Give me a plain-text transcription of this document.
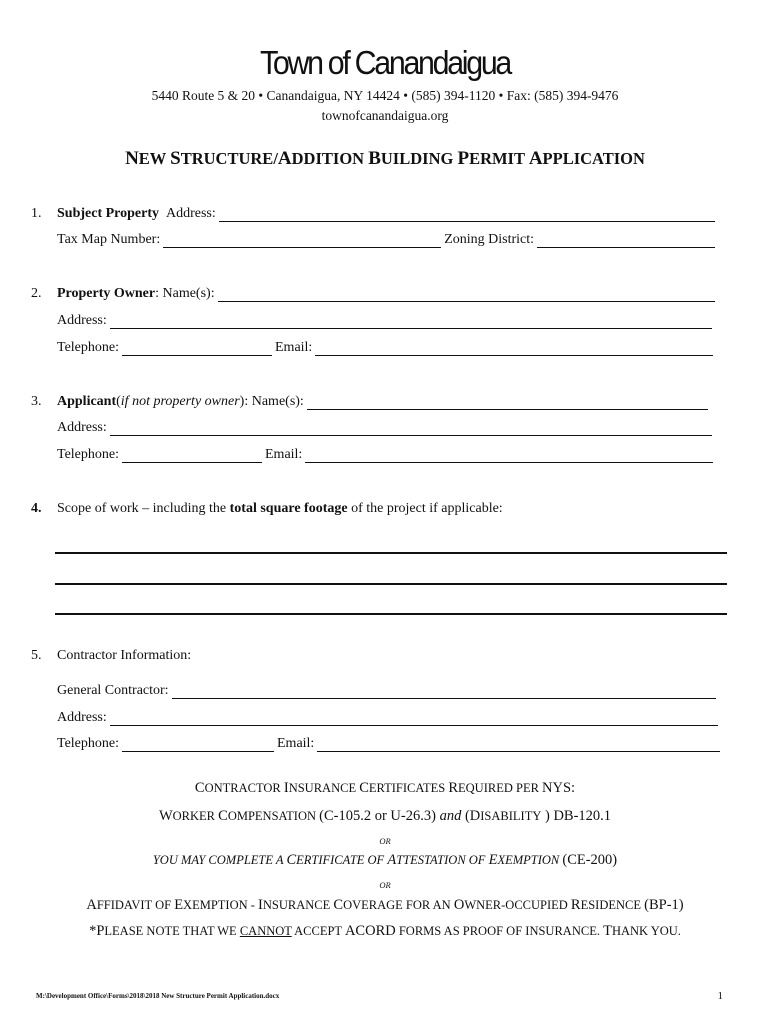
Town of Canandaigua
5440 Route 5 & 20 • Canandaigua, NY 14424 • (585) 394-1120 • Fax: (585) 394-9476
townofcanandaigua.org
NEW STRUCTURE/ADDITION BUILDING PERMIT APPLICATION
1.	Subject Property
Address:
Tax Map Number:	Zoning District:
2.	Property Owner : Name(s):
Address:
Telephone:	Email:
3.	Applicant ( if not property owner ): Name(s):
Address:
Telephone:	Email:
4. Scope of work – including the total square footage of the project if applicable:
5. Contractor Information:
General Contractor:
Address:
Telephone:	Email:
CONTRACTOR INSURANCE CERTIFICATES REQUIRED PER NYS:
WORKER COMPENSATION (C-105.2 or U-26.3) and (DISABILITY ) DB-120.1
OR
YOU MAY COMPLETE A CERTIFICATE OF ATTESTATION OF EXEMPTION (CE-200)
OR
AFFIDAVIT OF EXEMPTION - INSURANCE COVERAGE FOR AN OWNER-OCCUPIED RESIDENCE (BP-1)
*PLEASE NOTE THAT WE CANNOT ACCEPT ACORD FORMS AS PROOF OF INSURANCE. THANK YOU.
M:\Development Office\Forms\2018\2018 New Structure Permit Application.docx	1
